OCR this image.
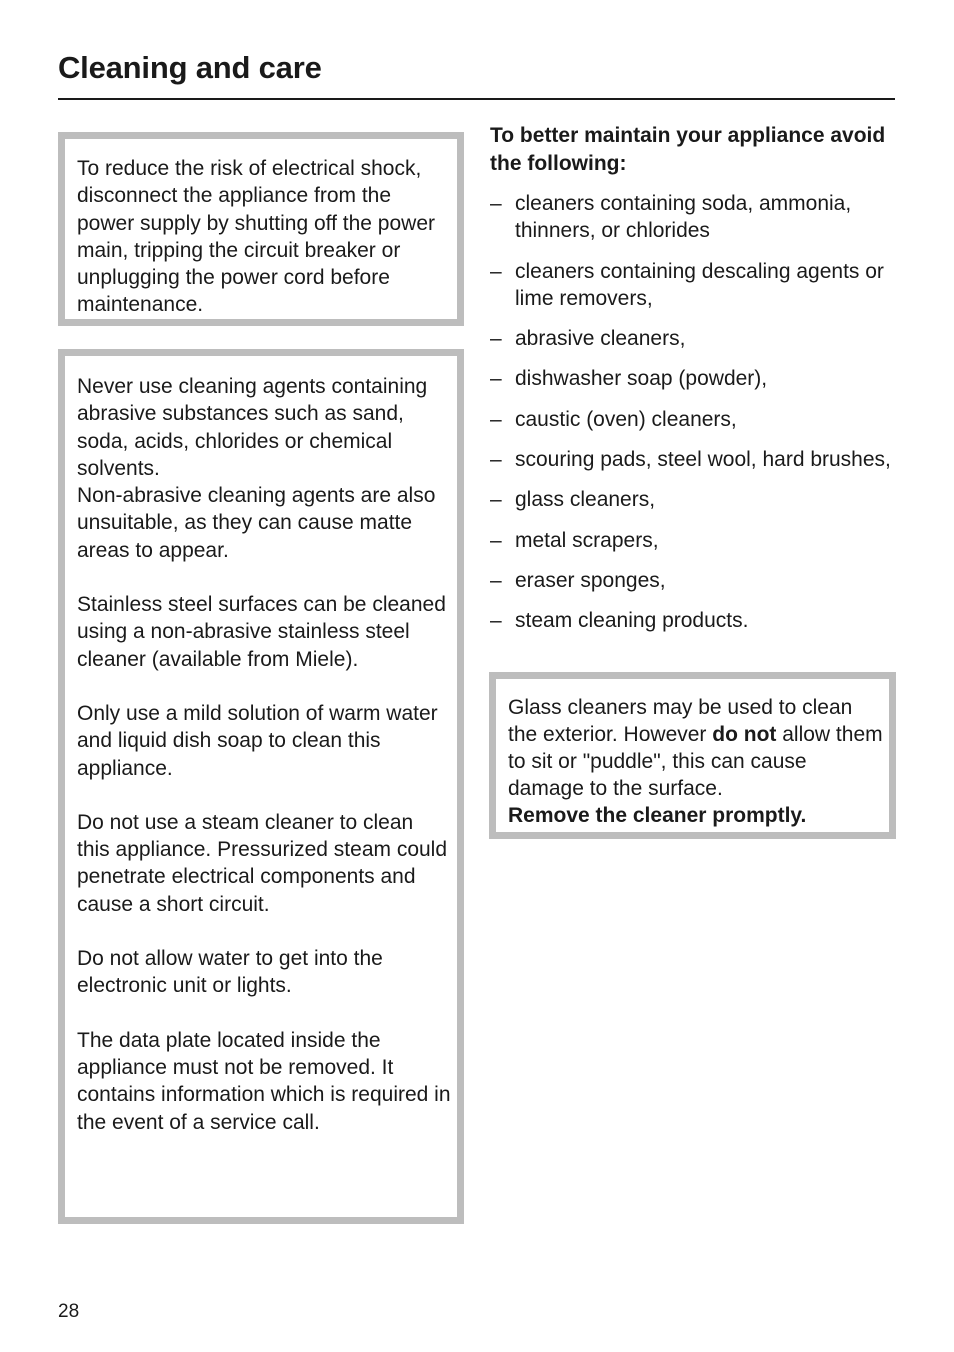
Cleaning and care

To reduce the risk of electrical shock, disconnect the appliance from the power supply by shutting off the power main, tripping the circuit breaker or unplugging the power cord before maintenance.

Never use cleaning agents containing abrasive substances such as sand, soda, acids, chlorides or chemical solvents.

Non-abrasive cleaning agents are also unsuitable, as they can cause matte areas to appear.

Stainless steel surfaces can be cleaned using a non-abrasive stainless steel cleaner (available from Miele).

Only use a mild solution of warm water and liquid dish soap to clean this appliance.

Do not use a steam cleaner to clean this appliance. Pressurized steam could penetrate electrical components and cause a short circuit.

Do not allow water to get into the electronic unit or lights.

The data plate located inside the appliance must not be removed. It contains information which is required in the event of a service call.

To better maintain your appliance avoid the following:

– cleaners containing soda, ammonia, thinners, or chlorides
– cleaners containing descaling agents or lime removers,
– abrasive cleaners,
– dishwasher soap (powder),
– caustic (oven) cleaners,
– scouring pads, steel wool, hard brushes,
– glass cleaners,
– metal scrapers,
– eraser sponges,
– steam cleaning products.

Glass cleaners may be used to clean the exterior. However do not allow them to sit or "puddle", this can cause damage to the surface.
Remove the cleaner promptly.

28
